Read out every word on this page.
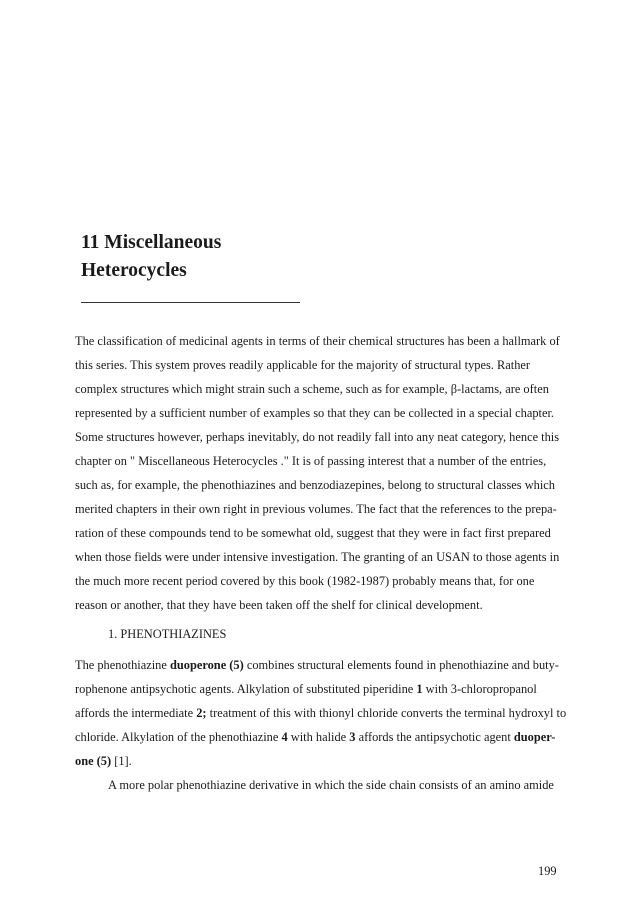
11 Miscellaneous
Heterocycles
The classification of medicinal agents in terms of their chemical structures has been a hallmark of
this series. This system proves readily applicable for the majority of structural types. Rather
complex structures which might strain such a scheme, such as for example, β-lactams, are often
represented by a sufficient number of examples so that they can be collected in a special chapter.
Some structures however, perhaps inevitably, do not readily fall into any neat category, hence this
chapter on " Miscellaneous Heterocycles ." It is of passing interest that a number of the entries,
such as, for example, the phenothiazines and benzodiazepines, belong to structural classes which
merited chapters in their own right in previous volumes. The fact that the references to the prepa-
ration of these compounds tend to be somewhat old, suggest that they were in fact first prepared
when those fields were under intensive investigation. The granting of an USAN to those agents in
the much more recent period covered by this book (1982-1987) probably means that, for one
reason or another, that they have been taken off the shelf for clinical development.
1. PHENOTHIAZINES
The phenothiazine duoperone (5) combines structural elements found in phenothiazine and buty-
rophenone antipsychotic agents. Alkylation of substituted piperidine 1 with 3-chloropropanol
affords the intermediate 2; treatment of this with thionyl chloride converts the terminal hydroxyl to
chloride. Alkylation of the phenothiazine 4 with halide 3 affords the antipsychotic agent duoper-
one (5) [1].
A more polar phenothiazine derivative in which the side chain consists of an amino amide
199
